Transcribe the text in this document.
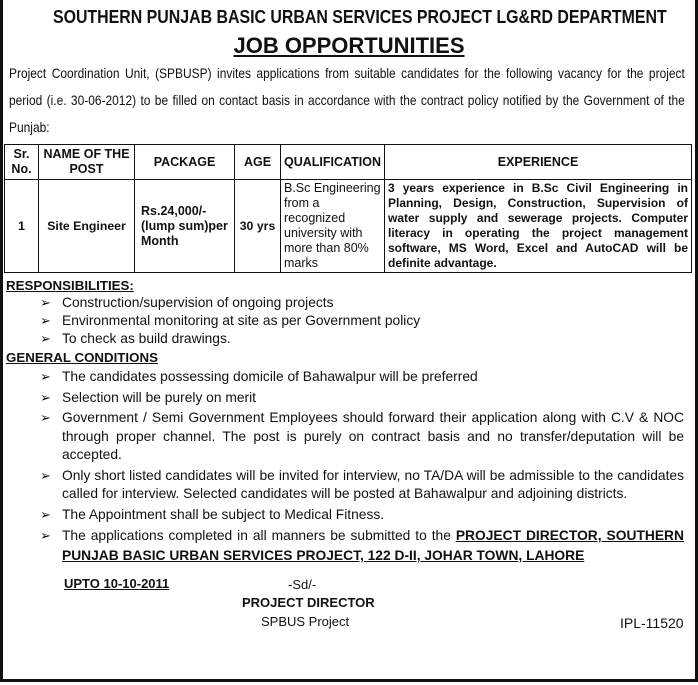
SOUTHERN PUNJAB BASIC URBAN SERVICES PROJECT LG&RD DEPARTMENT
JOB OPPORTUNITIES
Project Coordination Unit, (SPBUSP) invites applications from suitable candidates for the following vacancy for the project period (i.e. 30-06-2012) to be filled on contact basis in accordance with the contract policy notified by the Government of the Punjab:
Sr. No.	NAME OF THE POST	PACKAGE	AGE	QUALIFICATION	EXPERIENCE
1	Site Engineer	Rs.24,000/- (lump sum)per Month	30 yrs	B.Sc Engineering from a recognized university with more than 80% marks	3 years experience in B.Sc Civil Engineering in Planning, Design, Construction, Supervision of water supply and sewerage projects. Computer literacy in operating the project management software, MS Word, Excel and AutoCAD will be definite advantage.
RESPONSIBILITIES:
➢ Construction/supervision of ongoing projects
➢ Environmental monitoring at site as per Government policy
➢ To check as build drawings.
GENERAL CONDITIONS
➢ The candidates possessing domicile of Bahawalpur will be preferred
➢ Selection will be purely on merit
➢ Government / Semi Government Employees should forward their application along with C.V & NOC through proper channel. The post is purely on contract basis and no transfer/deputation will be accepted.
➢ Only short listed candidates will be invited for interview, no TA/DA will be admissible to the candidates called for interview. Selected candidates will be posted at Bahawalpur and adjoining districts.
➢ The Appointment shall be subject to Medical Fitness.
➢ The applications completed in all manners be submitted to the PROJECT DIRECTOR, SOUTHERN PUNJAB BASIC URBAN SERVICES PROJECT, 122 D-II, JOHAR TOWN, LAHORE
UPTO 10-10-2011	-Sd/-
PROJECT DIRECTOR
SPBUS Project	IPL-11520
